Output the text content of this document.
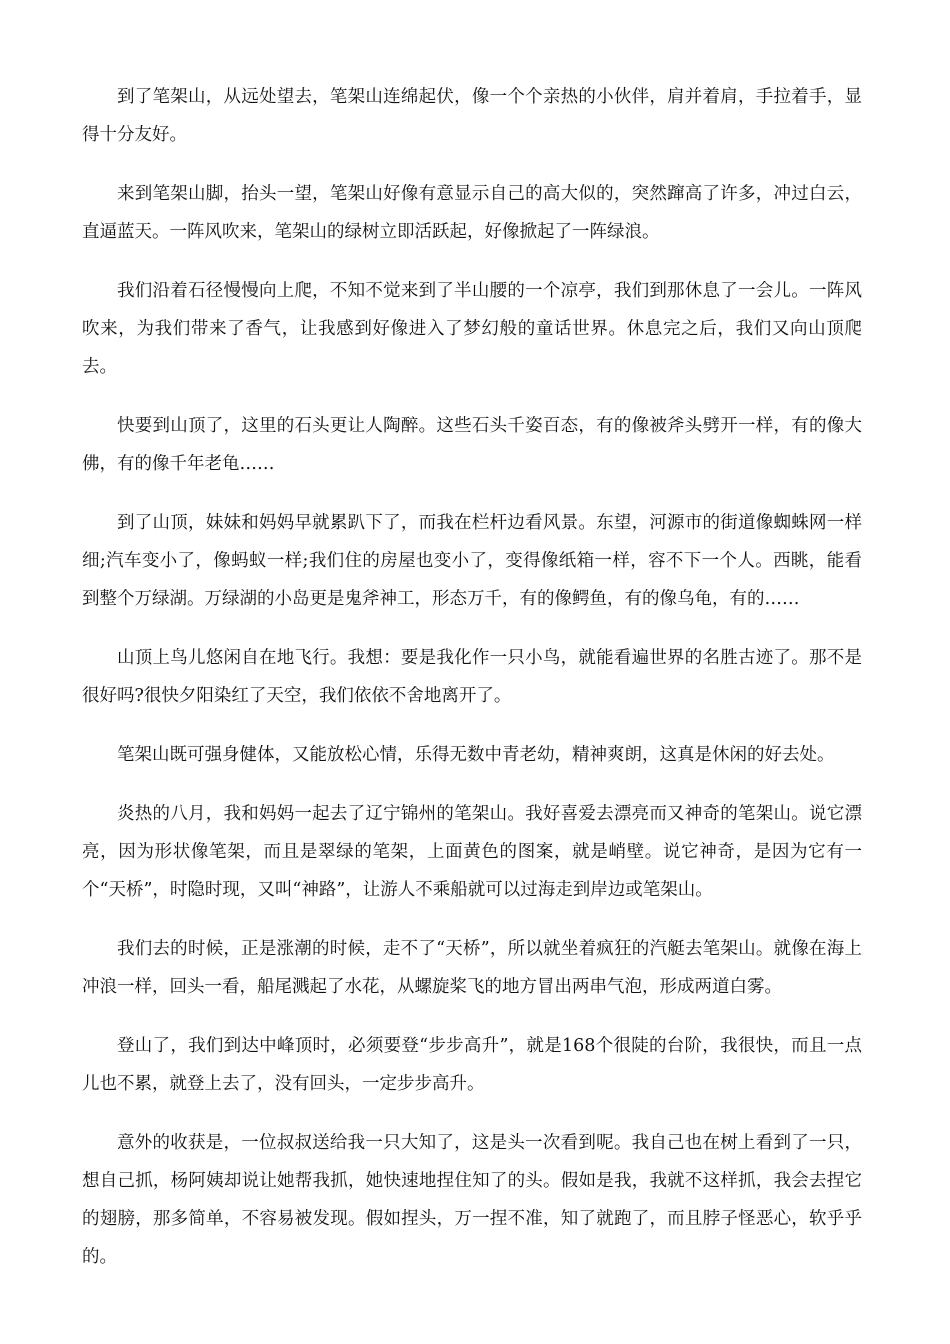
到了笔架山，从远处望去，笔架山连绵起伏，像一个个亲热的小伙伴，肩并着肩，手拉着手，显得十分友好。

来到笔架山脚，抬头一望，笔架山好像有意显示自己的高大似的，突然蹿高了许多，冲过白云，直逼蓝天。一阵风吹来，笔架山的绿树立即活跃起，好像掀起了一阵绿浪。

我们沿着石径慢慢向上爬，不知不觉来到了半山腰的一个凉亭，我们到那休息了一会儿。一阵风吹来，为我们带来了香气，让我感到好像进入了梦幻般的童话世界。休息完之后，我们又向山顶爬去。

快要到山顶了，这里的石头更让人陶醉。这些石头千姿百态，有的像被斧头劈开一样，有的像大佛，有的像千年老龟……

到了山顶，妹妹和妈妈早就累趴下了，而我在栏杆边看风景。东望，河源市的街道像蜘蛛网一样细;汽车变小了，像蚂蚁一样;我们住的房屋也变小了，变得像纸箱一样，容不下一个人。西眺，能看到整个万绿湖。万绿湖的小岛更是鬼斧神工，形态万千，有的像鳄鱼，有的像乌龟，有的……

山顶上鸟儿悠闲自在地飞行。我想：要是我化作一只小鸟，就能看遍世界的名胜古迹了。那不是很好吗?很快夕阳染红了天空，我们依依不舍地离开了。

笔架山既可强身健体，又能放松心情，乐得无数中青老幼，精神爽朗，这真是休闲的好去处。

炎热的八月，我和妈妈一起去了辽宁锦州的笔架山。我好喜爱去漂亮而又神奇的笔架山。说它漂亮，因为形状像笔架，而且是翠绿的笔架，上面黄色的图案，就是峭壁。说它神奇，是因为它有一个“天桥”，时隐时现，又叫“神路”，让游人不乘船就可以过海走到岸边或笔架山。

我们去的时候，正是涨潮的时候，走不了“天桥”，所以就坐着疯狂的汽艇去笔架山。就像在海上冲浪一样，回头一看，船尾溅起了水花，从螺旋桨飞的地方冒出两串气泡，形成两道白雾。

登山了，我们到达中峰顶时，必须要登“步步高升”，就是168个很陡的台阶，我很快，而且一点儿也不累，就登上去了，没有回头，一定步步高升。

意外的收获是，一位叔叔送给我一只大知了，这是头一次看到呢。我自己也在树上看到了一只，想自己抓，杨阿姨却说让她帮我抓，她快速地捏住知了的头。假如是我，我就不这样抓，我会去捏它的翅膀，那多简单，不容易被发现。假如捏头，万一捏不准，知了就跑了，而且脖子怪恶心，软乎乎的。
